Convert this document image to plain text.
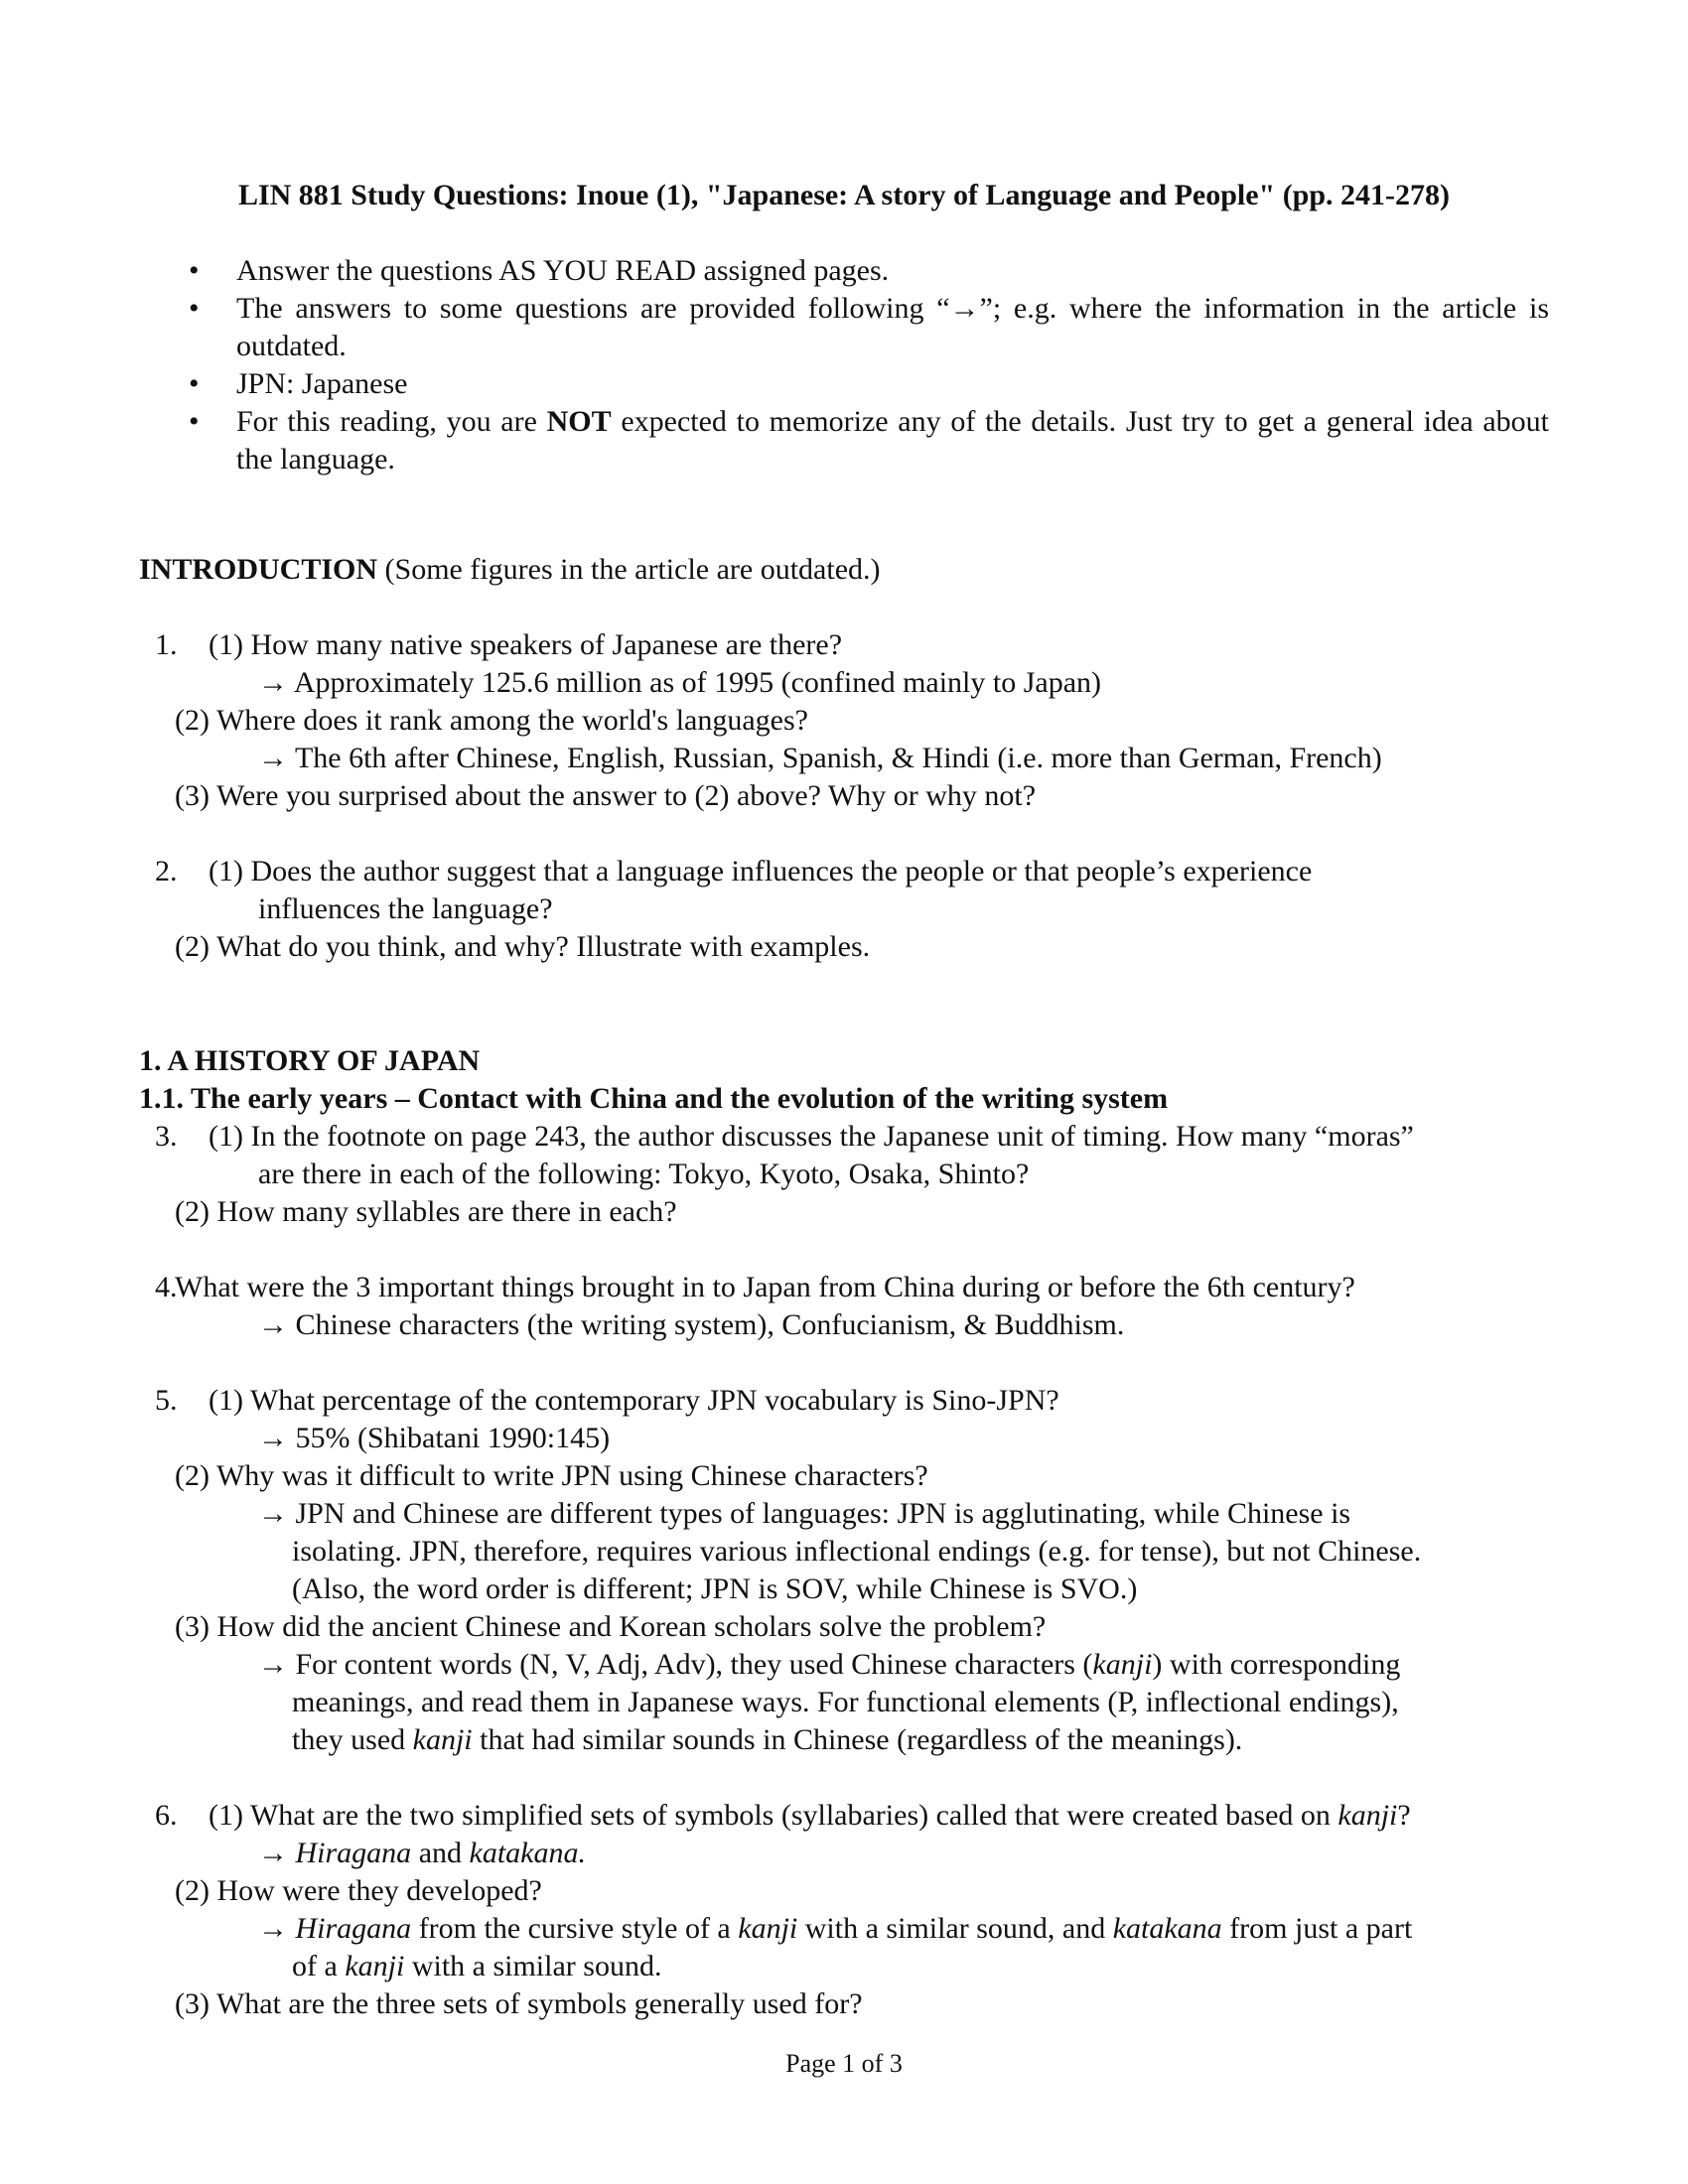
LIN 881 Study Questions: Inoue (1), "Japanese: A story of Language and People" (pp. 241-278)
• Answer the questions AS YOU READ assigned pages.
• The answers to some questions are provided following “→”; e.g. where the information in the article is outdated.
• JPN: Japanese
• For this reading, you are NOT expected to memorize any of the details. Just try to get a general idea about the language.
INTRODUCTION (Some figures in the article are outdated.)
1. (1) How many native speakers of Japanese are there?
→ Approximately 125.6 million as of 1995 (confined mainly to Japan)
(2) Where does it rank among the world's languages?
→ The 6th after Chinese, English, Russian, Spanish, & Hindi (i.e. more than German, French)
(3) Were you surprised about the answer to (2) above? Why or why not?
2. (1) Does the author suggest that a language influences the people or that people’s experience
influences the language?
(2) What do you think, and why? Illustrate with examples.
1. A HISTORY OF JAPAN
1.1. The early years – Contact with China and the evolution of the writing system
3. (1) In the footnote on page 243, the author discusses the Japanese unit of timing. How many “moras”
are there in each of the following: Tokyo, Kyoto, Osaka, Shinto?
(2) How many syllables are there in each?
4.
What were the 3 important things brought in to Japan from China during or before the 6th century?
→ Chinese characters (the writing system), Confucianism, & Buddhism.
5. (1) What percentage of the contemporary JPN vocabulary is Sino-JPN?
→ 55% (Shibatani 1990:145)
(2) Why was it difficult to write JPN using Chinese characters?
→ JPN and Chinese are different types of languages: JPN is agglutinating, while Chinese is
isolating. JPN, therefore, requires various inflectional endings (e.g. for tense), but not Chinese.
(Also, the word order is different; JPN is SOV, while Chinese is SVO.)
(3) How did the ancient Chinese and Korean scholars solve the problem?
→ For content words (N, V, Adj, Adv), they used Chinese characters (kanji) with corresponding
meanings, and read them in Japanese ways. For functional elements (P, inflectional endings),
they used kanji that had similar sounds in Chinese (regardless of the meanings).
6. (1) What are the two simplified sets of symbols (syllabaries) called that were created based on kanji?
→ Hiragana and katakana.
(2) How were they developed?
→ Hiragana from the cursive style of a kanji with a similar sound, and katakana from just a part
of a kanji with a similar sound.
(3) What are the three sets of symbols generally used for?
Page 1 of 3
